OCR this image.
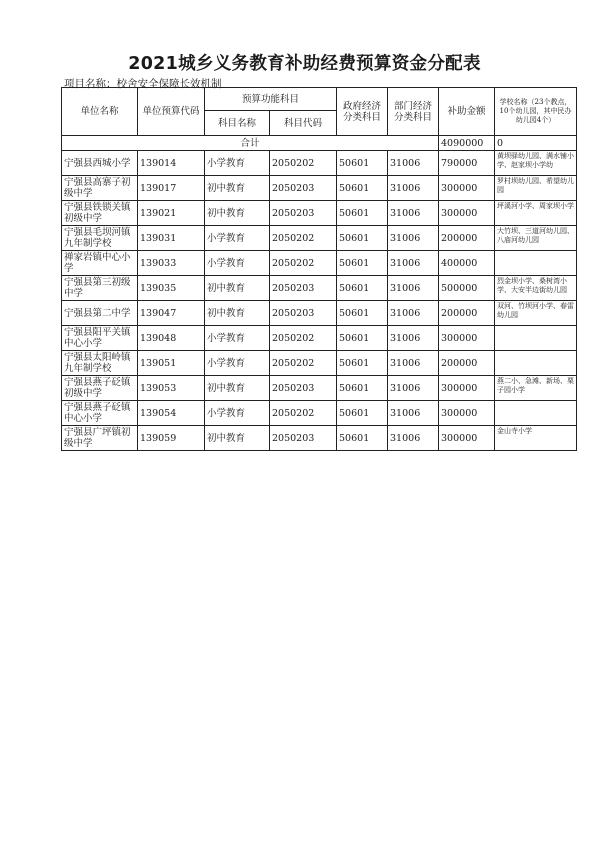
2021城乡义务教育补助经费预算资金分配表
项目名称：校舍安全保障长效机制
单位名称	单位预算代码	预算功能科目		政府经济分类科目	部门经济分类科目	补助金额	学校名称（23个教点，10个幼儿园，其中民办幼儿园4个）
		科目名称	科目代码				
合计						4090000	0
宁强县西城小学	139014	小学教育	2050202	50601	31006	790000	黄坝驿幼儿园、满水铺小学、赵家坝小学幼
宁强县高寨子初级中学	139017	初中教育	2050203	50601	31006	300000	罗村坝幼儿园、希望幼儿园
宁强县铁锁关镇初级中学	139021	初中教育	2050203	50601	31006	300000	坪溪河小学、周家坝小学
宁强县毛坝河镇九年制学校	139031	小学教育	2050202	50601	31006	200000	大竹坝、三道河幼儿园、八庙河幼儿园
禅家岩镇中心小学	139033	小学教育	2050202	50601	31006	400000	
宁强县第三初级中学	139035	初中教育	2050203	50601	31006	500000	烈金坝小学、桑树湾小学、大安半边街幼儿园
宁强县第二中学	139047	初中教育	2050203	50601	31006	200000	双河、竹坝河小学、春雷幼儿园
宁强县阳平关镇中心小学	139048	小学教育	2050202	50601	31006	300000	
宁强县太阳岭镇九年制学校	139051	小学教育	2050202	50601	31006	200000	
宁强县燕子砭镇初级中学	139053	初中教育	2050203	50601	31006	300000	燕二小、急滩、新场、栗子园小学
宁强县燕子砭镇中心小学	139054	小学教育	2050202	50601	31006	300000	
宁强县广坪镇初级中学	139059	初中教育	2050203	50601	31006	300000	金山寺小学
